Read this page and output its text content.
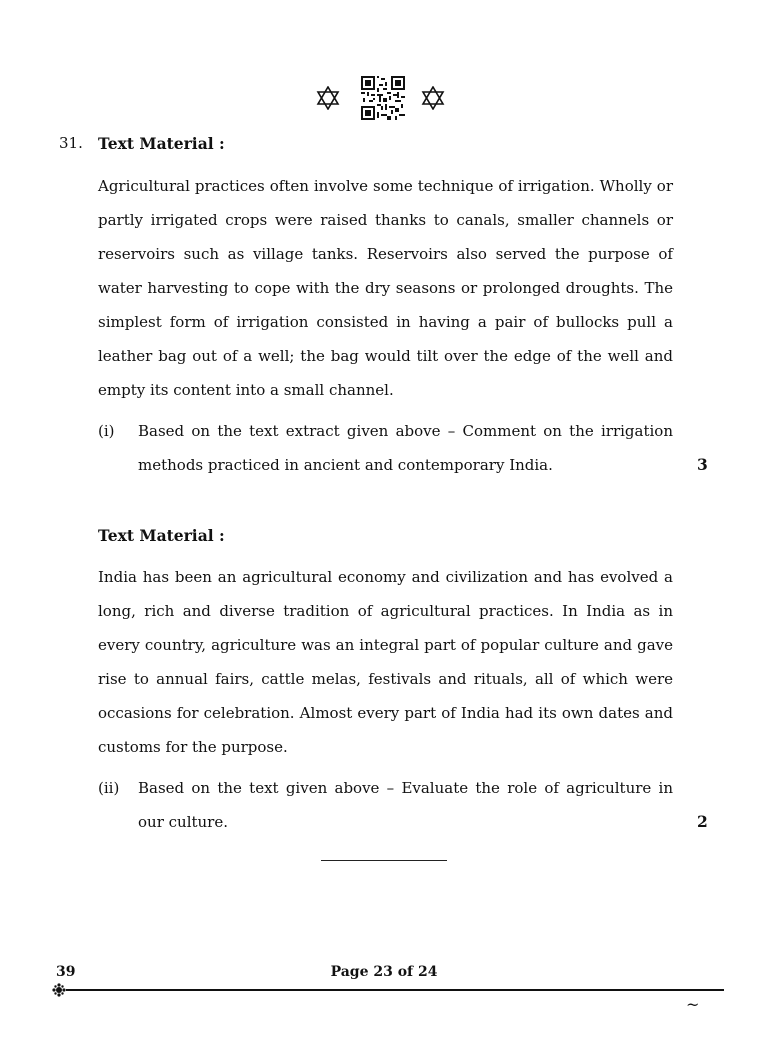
31. Text Material :

Agricultural practices often involve some technique of irrigation. Wholly or partly irrigated crops were raised thanks to canals, smaller channels or reservoirs such as village tanks. Reservoirs also served the purpose of water harvesting to cope with the dry seasons or prolonged droughts. The simplest form of irrigation consisted in having a pair of bullocks pull a leather bag out of a well; the bag would tilt over the edge of the well and empty its content into a small channel.

(i) Based on the text extract given above – Comment on the irrigation methods practiced in ancient and contemporary India.	3
Text Material :

India has been an agricultural economy and civilization and has evolved a long, rich and diverse tradition of agricultural practices. In India as in every country, agriculture was an integral part of popular culture and gave rise to annual fairs, cattle melas, festivals and rituals, all of which were occasions for celebration. Almost every part of India had its own dates and customs for the purpose.

(ii) Based on the text given above – Evaluate the role of agriculture in our culture.	2
39	Page 23 of 24
~
